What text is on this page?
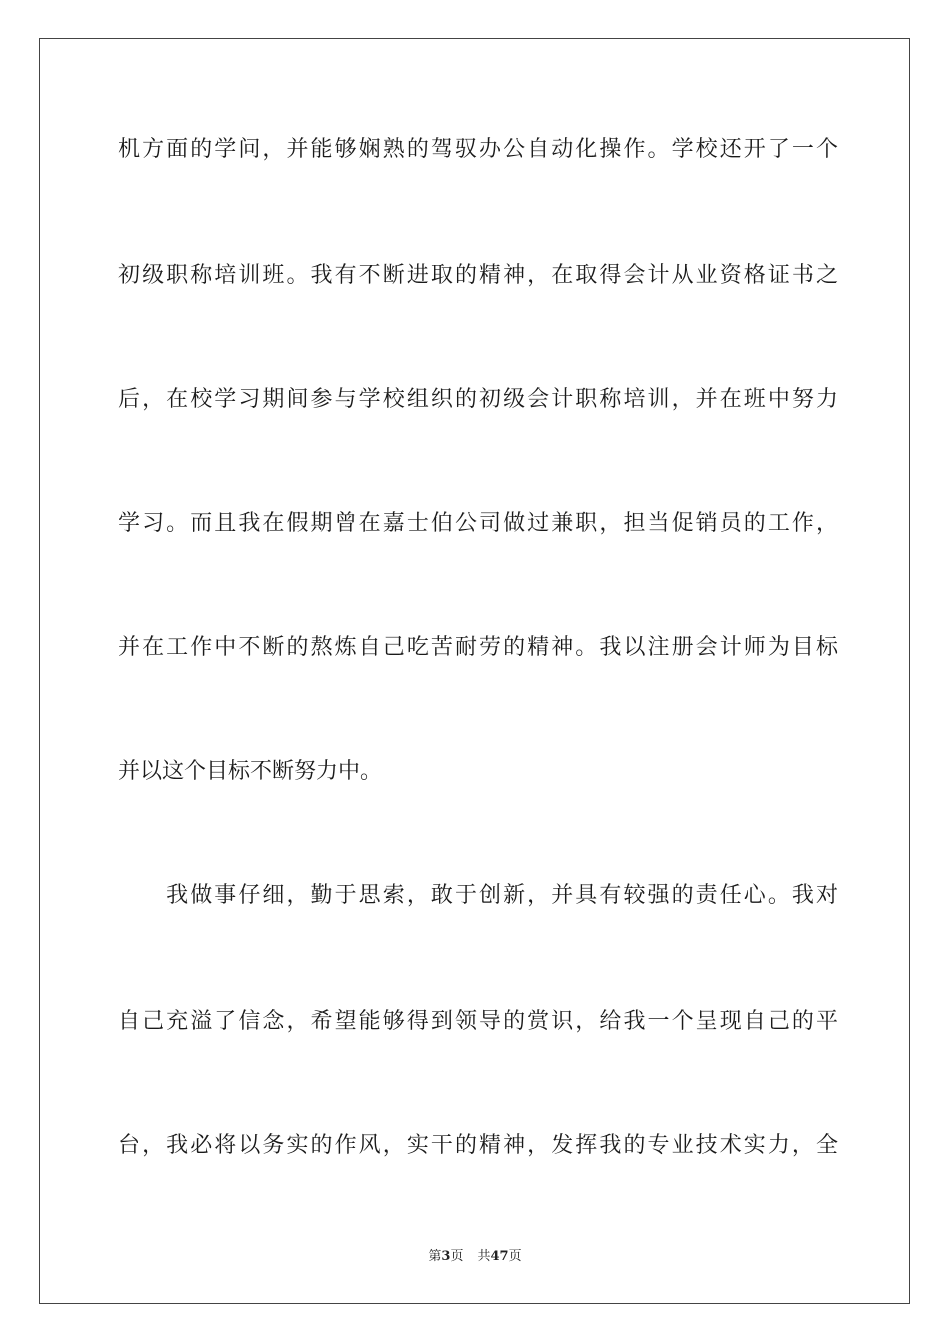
机方面的学问，并能够娴熟的驾驭办公自动化操作。学校还开了一个
初级职称培训班。我有不断进取的精神，在取得会计从业资格证书之
后，在校学习期间参与学校组织的初级会计职称培训，并在班中努力
学习。而且我在假期曾在嘉士伯公司做过兼职，担当促销员的工作，
并在工作中不断的熬炼自己吃苦耐劳的精神。我以注册会计师为目标
并以这个目标不断努力中。
　　我做事仔细，勤于思索，敢于创新，并具有较强的责任心。我对
自己充溢了信念，希望能够得到领导的赏识，给我一个呈现自己的平
台，我必将以务实的作风，实干的精神，发挥我的专业技术实力，全
第3页 共47页
